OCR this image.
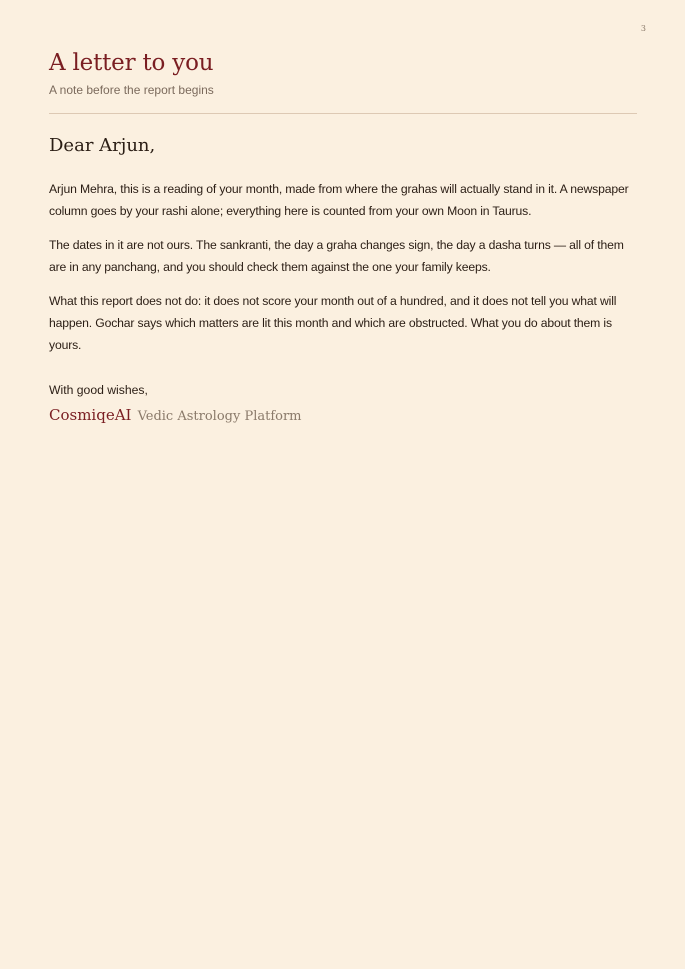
3
A letter to you

A note before the report begins

Dear Arjun,

Arjun Mehra, this is a reading of your month, made from where the grahas will actually stand in it. A newspaper column goes by your rashi alone; everything here is counted from your own Moon in Taurus.

The dates in it are not ours. The sankranti, the day a graha changes sign, the day a dasha turns — all of them are in any panchang, and you should check them against the one your family keeps.

What this report does not do: it does not score your month out of a hundred, and it does not tell you what will happen. Gochar says which matters are lit this month and which are obstructed. What you do about them is yours.

With good wishes,

CosmiqeAI Vedic Astrology Platform
